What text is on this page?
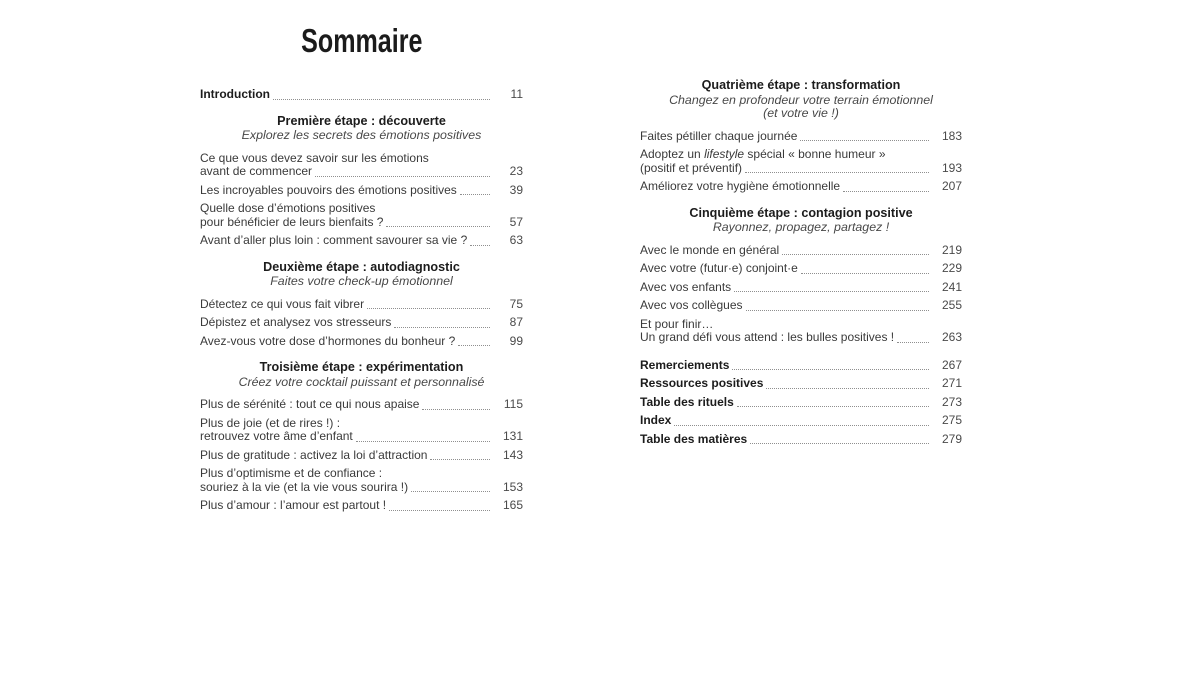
Sommaire
Introduction	11
Première étape : découverte
Explorez les secrets des émotions positives
Ce que vous devez savoir sur les émotions
avant de commencer	23
Les incroyables pouvoirs des émotions positives	39
Quelle dose d’émotions positives
pour bénéficier de leurs bienfaits ?	57
Avant d’aller plus loin : comment savourer sa vie ?	63
Deuxième étape : autodiagnostic
Faites votre check-up émotionnel
Détectez ce qui vous fait vibrer	75
Dépistez et analysez vos stresseurs	87
Avez-vous votre dose d’hormones du bonheur ?	99
Troisième étape : expérimentation
Créez votre cocktail puissant et personnalisé
Plus de sérénité : tout ce qui nous apaise	115
Plus de joie (et de rires !) :
retrouvez votre âme d’enfant	131
Plus de gratitude : activez la loi d’attraction	143
Plus d’optimisme et de confiance :
souriez à la vie (et la vie vous sourira !)	153
Plus d’amour : l’amour est partout !	165
Quatrième étape : transformation
Changez en profondeur votre terrain émotionnel
(et votre vie !)
Faites pétiller chaque journée	183
Adoptez un lifestyle spécial « bonne humeur »
(positif et préventif)	193
Améliorez votre hygiène émotionnelle	207
Cinquième étape : contagion positive
Rayonnez, propagez, partagez !
Avec le monde en général	219
Avec votre (futur·e) conjoint·e	229
Avec vos enfants	241
Avec vos collègues	255
Et pour finir…
Un grand défi vous attend : les bulles positives !	263
Remerciements	267
Ressources positives	271
Table des rituels	273
Index	275
Table des matières	279
